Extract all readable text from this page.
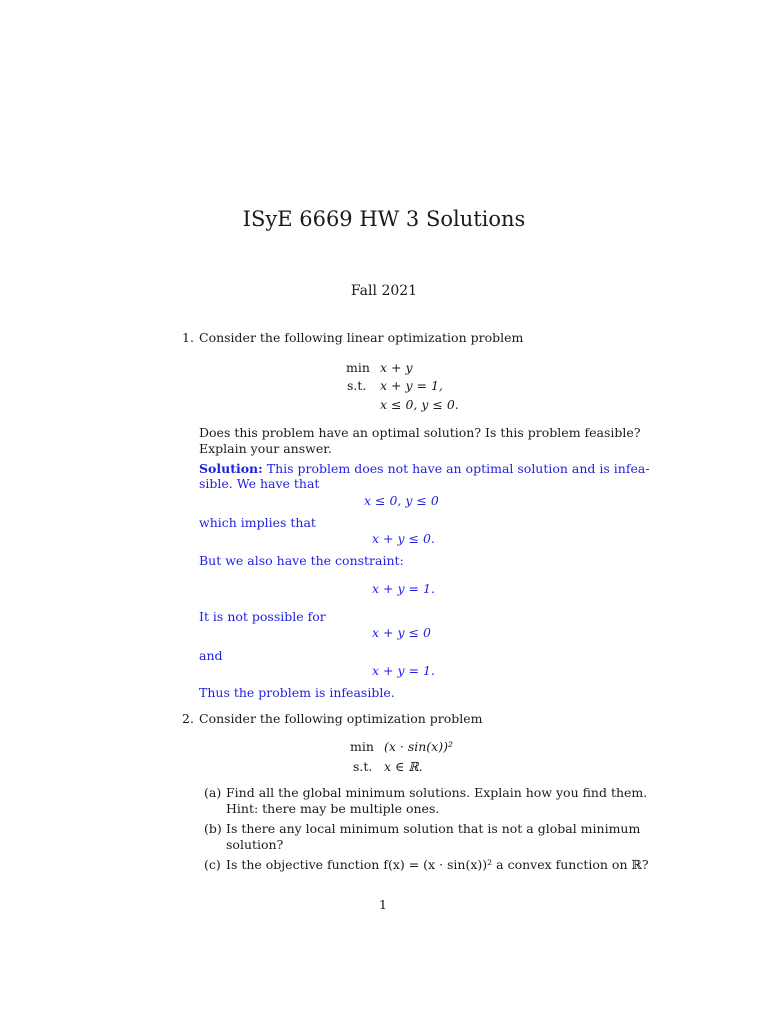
ISyE 6669 HW 3 Solutions
Fall 2021
1. Consider the following linear optimization problem
min x + y
s.t. x + y = 1,
x ≤ 0, y ≤ 0.
Does this problem have an optimal solution? Is this problem feasible?
Explain your answer.
Solution: This problem does not have an optimal solution and is infea-
sible. We have that
x ≤ 0, y ≤ 0
which implies that
x + y ≤ 0.
But we also have the constraint:
x + y = 1.
It is not possible for
x + y ≤ 0
and
x + y = 1.
Thus the problem is infeasible.
2. Consider the following optimization problem
min (x · sin(x))²
s.t. x ∈ ℝ.
(a) Find all the global minimum solutions. Explain how you find them.
Hint: there may be multiple ones.
(b) Is there any local minimum solution that is not a global minimum
solution?
(c) Is the objective function f(x) = (x · sin(x))² a convex function on ℝ?
1
